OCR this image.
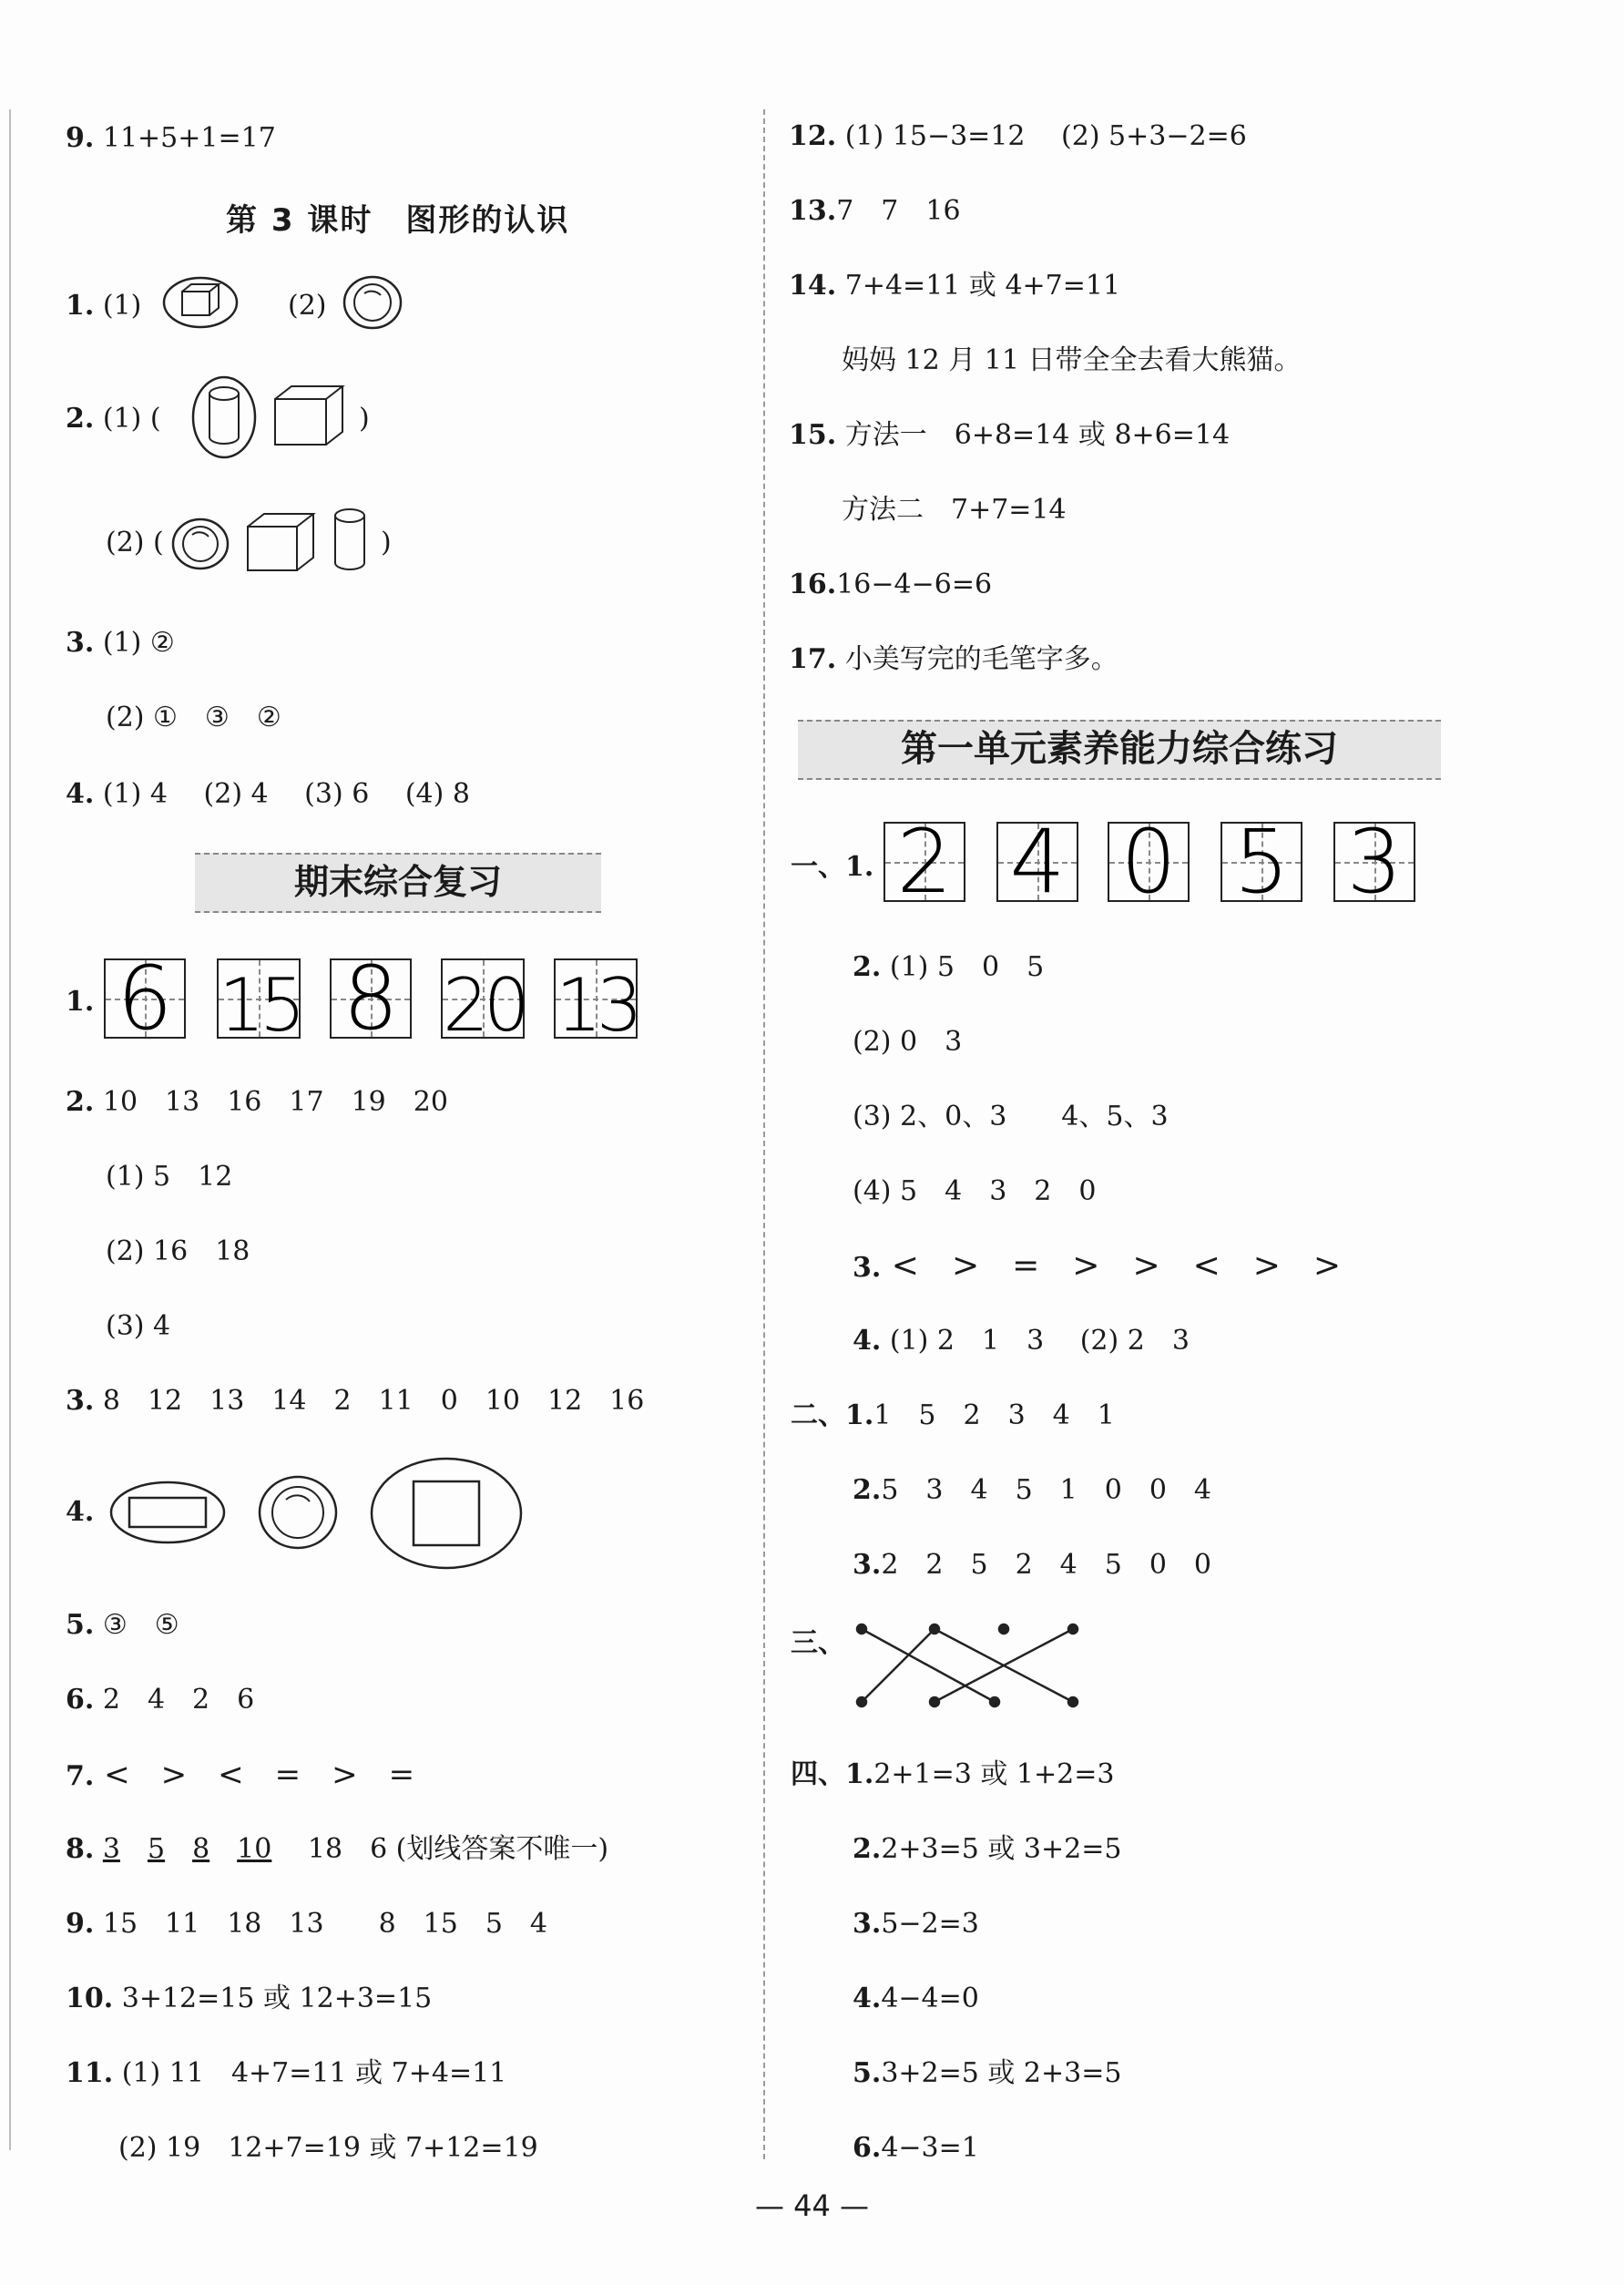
9. 11+5+1=17
第 3 课时　图形的认识
1. (1)	(2)
2. (1) (	)
(2) (	)
3. (1) ②
(2) ①　③　②
4. (1) 4　 (2) 4　 (3) 6　 (4) 8
期末综合复习
1. 6 15 8 20 13
2. 10　13　16　17　19　20
(1) 5　12
(2) 16　18
(3) 4
3. 8　12　13　14　2　11　0　10　12　16
4.
5. ③　⑤
6. 2　4　2　6
7. <　>　<　=　>　=
8. 3　 5　 8　 10　 18　6 (划线答案不唯一)
9. 15　11　18　13　　8　15　5　4
10. 3+12=15 或 12+3=15
11. (1) 11　4+7=11 或 7+4=11
(2) 19　12+7=19 或 7+12=19
12. (1) 15−3=12　 (2) 5+3−2=6
13.7　7　16
14. 7+4=11 或 4+7=11
妈妈 12 月 11 日带全全去看大熊猫。
15. 方法一　6+8=14 或 8+6=14
方法二　7+7=14
16.16−4−6=6
17. 小美写完的毛笔字多。
第一单元素养能力综合练习
一、1. 2 4 0 5 3
2. (1) 5　0　5
(2) 0　3
(3) 2、0、3　　4、5、3
(4) 5　4　3　2　0
3. <　>　=　>　>　<　>　>
4. (1) 2　1　3　 (2) 2　3
二、1.1　5　2　3　4　1
2.5　3　4　5　1　0　0　4
3.2　2　5　2　4　5　0　0
三、
四、1.2+1=3 或 1+2=3
2.2+3=5 或 3+2=5
3.5−2=3
4.4−4=0
5.3+2=5 或 2+3=5
6.4−3=1
— 44 —
